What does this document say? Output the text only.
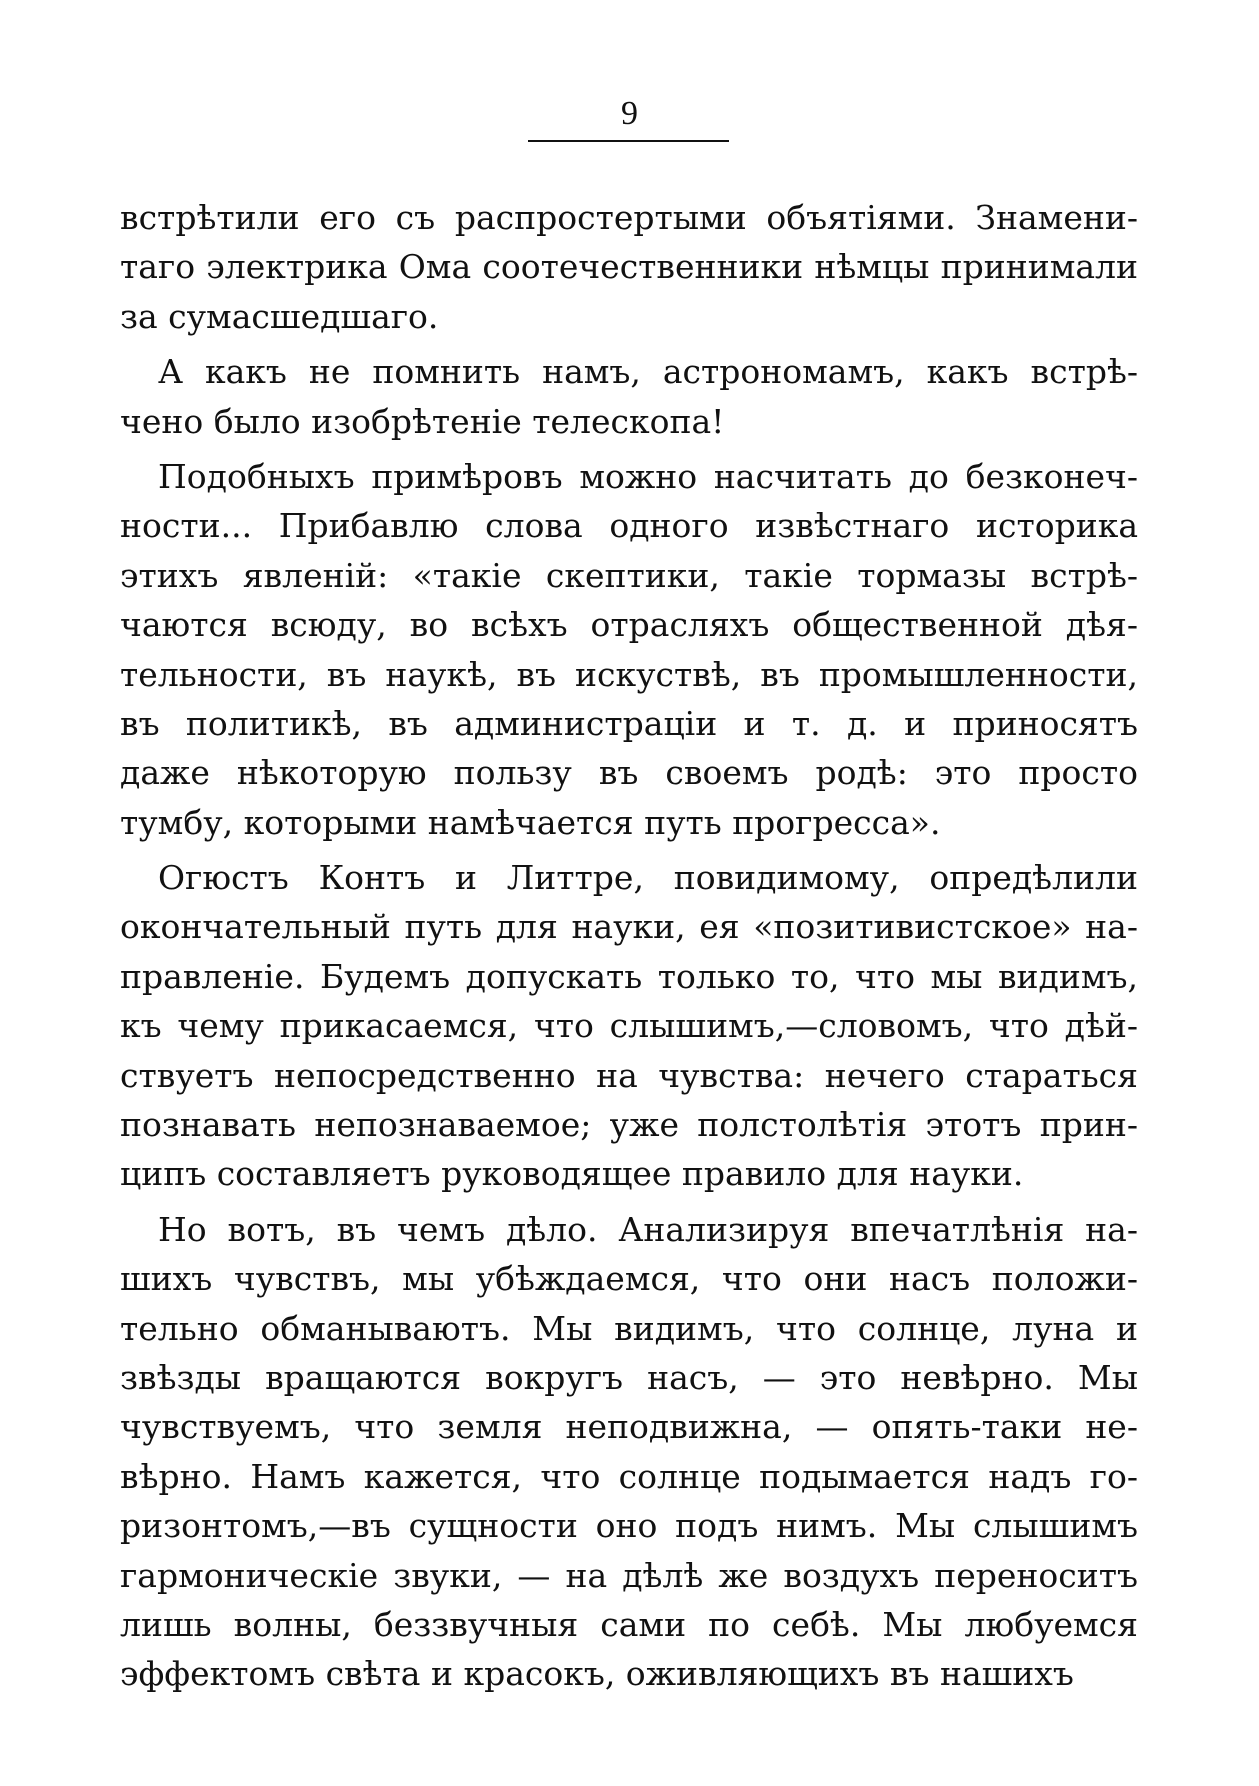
9
встрѣтили его съ распростертыми объятіями. Знамени-
таго электрика Ома соотечественники нѣмцы принимали
за сумасшедшаго.
А какъ не помнить намъ, астрономамъ, какъ встрѣ-
чено было изобрѣтеніе телескопа!
Подобныхъ примѣровъ можно насчитать до безконеч-
ности... Прибавлю слова одного извѣстнаго историка
этихъ явленій: «такіе скептики, такіе тормазы встрѣ-
чаются всюду, во всѣхъ отрасляхъ общественной дѣя-
тельности, въ наукѣ, въ искуствѣ, въ промышленности,
въ политикѣ, въ администраціи и т. д. и приносятъ
даже нѣкоторую пользу въ своемъ родѣ: это просто
тумбу, которыми намѣчается путь прогресса».
Огюстъ Контъ и Литтре, повидимому, опредѣлили
окончательный путь для науки, ея «позитивистское» на-
правленіе. Будемъ допускать только то, что мы видимъ,
къ чему прикасаемся, что слышимъ,—словомъ, что дѣй-
ствуетъ непосредственно на чувства: нечего стараться
познавать непознаваемое; уже полстолѣтія этотъ прин-
ципъ составляетъ руководящее правило для науки.
Но вотъ, въ чемъ дѣло. Анализируя впечатлѣнія на-
шихъ чувствъ, мы убѣждаемся, что они насъ положи-
тельно обманываютъ. Мы видимъ, что солнце, луна и
звѣзды вращаются вокругъ насъ, — это невѣрно. Мы
чувствуемъ, что земля неподвижна, — опять-таки не-
вѣрно. Намъ кажется, что солнце подымается надъ го-
ризонтомъ,—въ сущности оно подъ нимъ. Мы слышимъ
гармоническіе звуки, — на дѣлѣ же воздухъ переноситъ
лишь волны, беззвучныя сами по себѣ. Мы любуемся
эффектомъ свѣта и красокъ, оживляющихъ въ нашихъ
